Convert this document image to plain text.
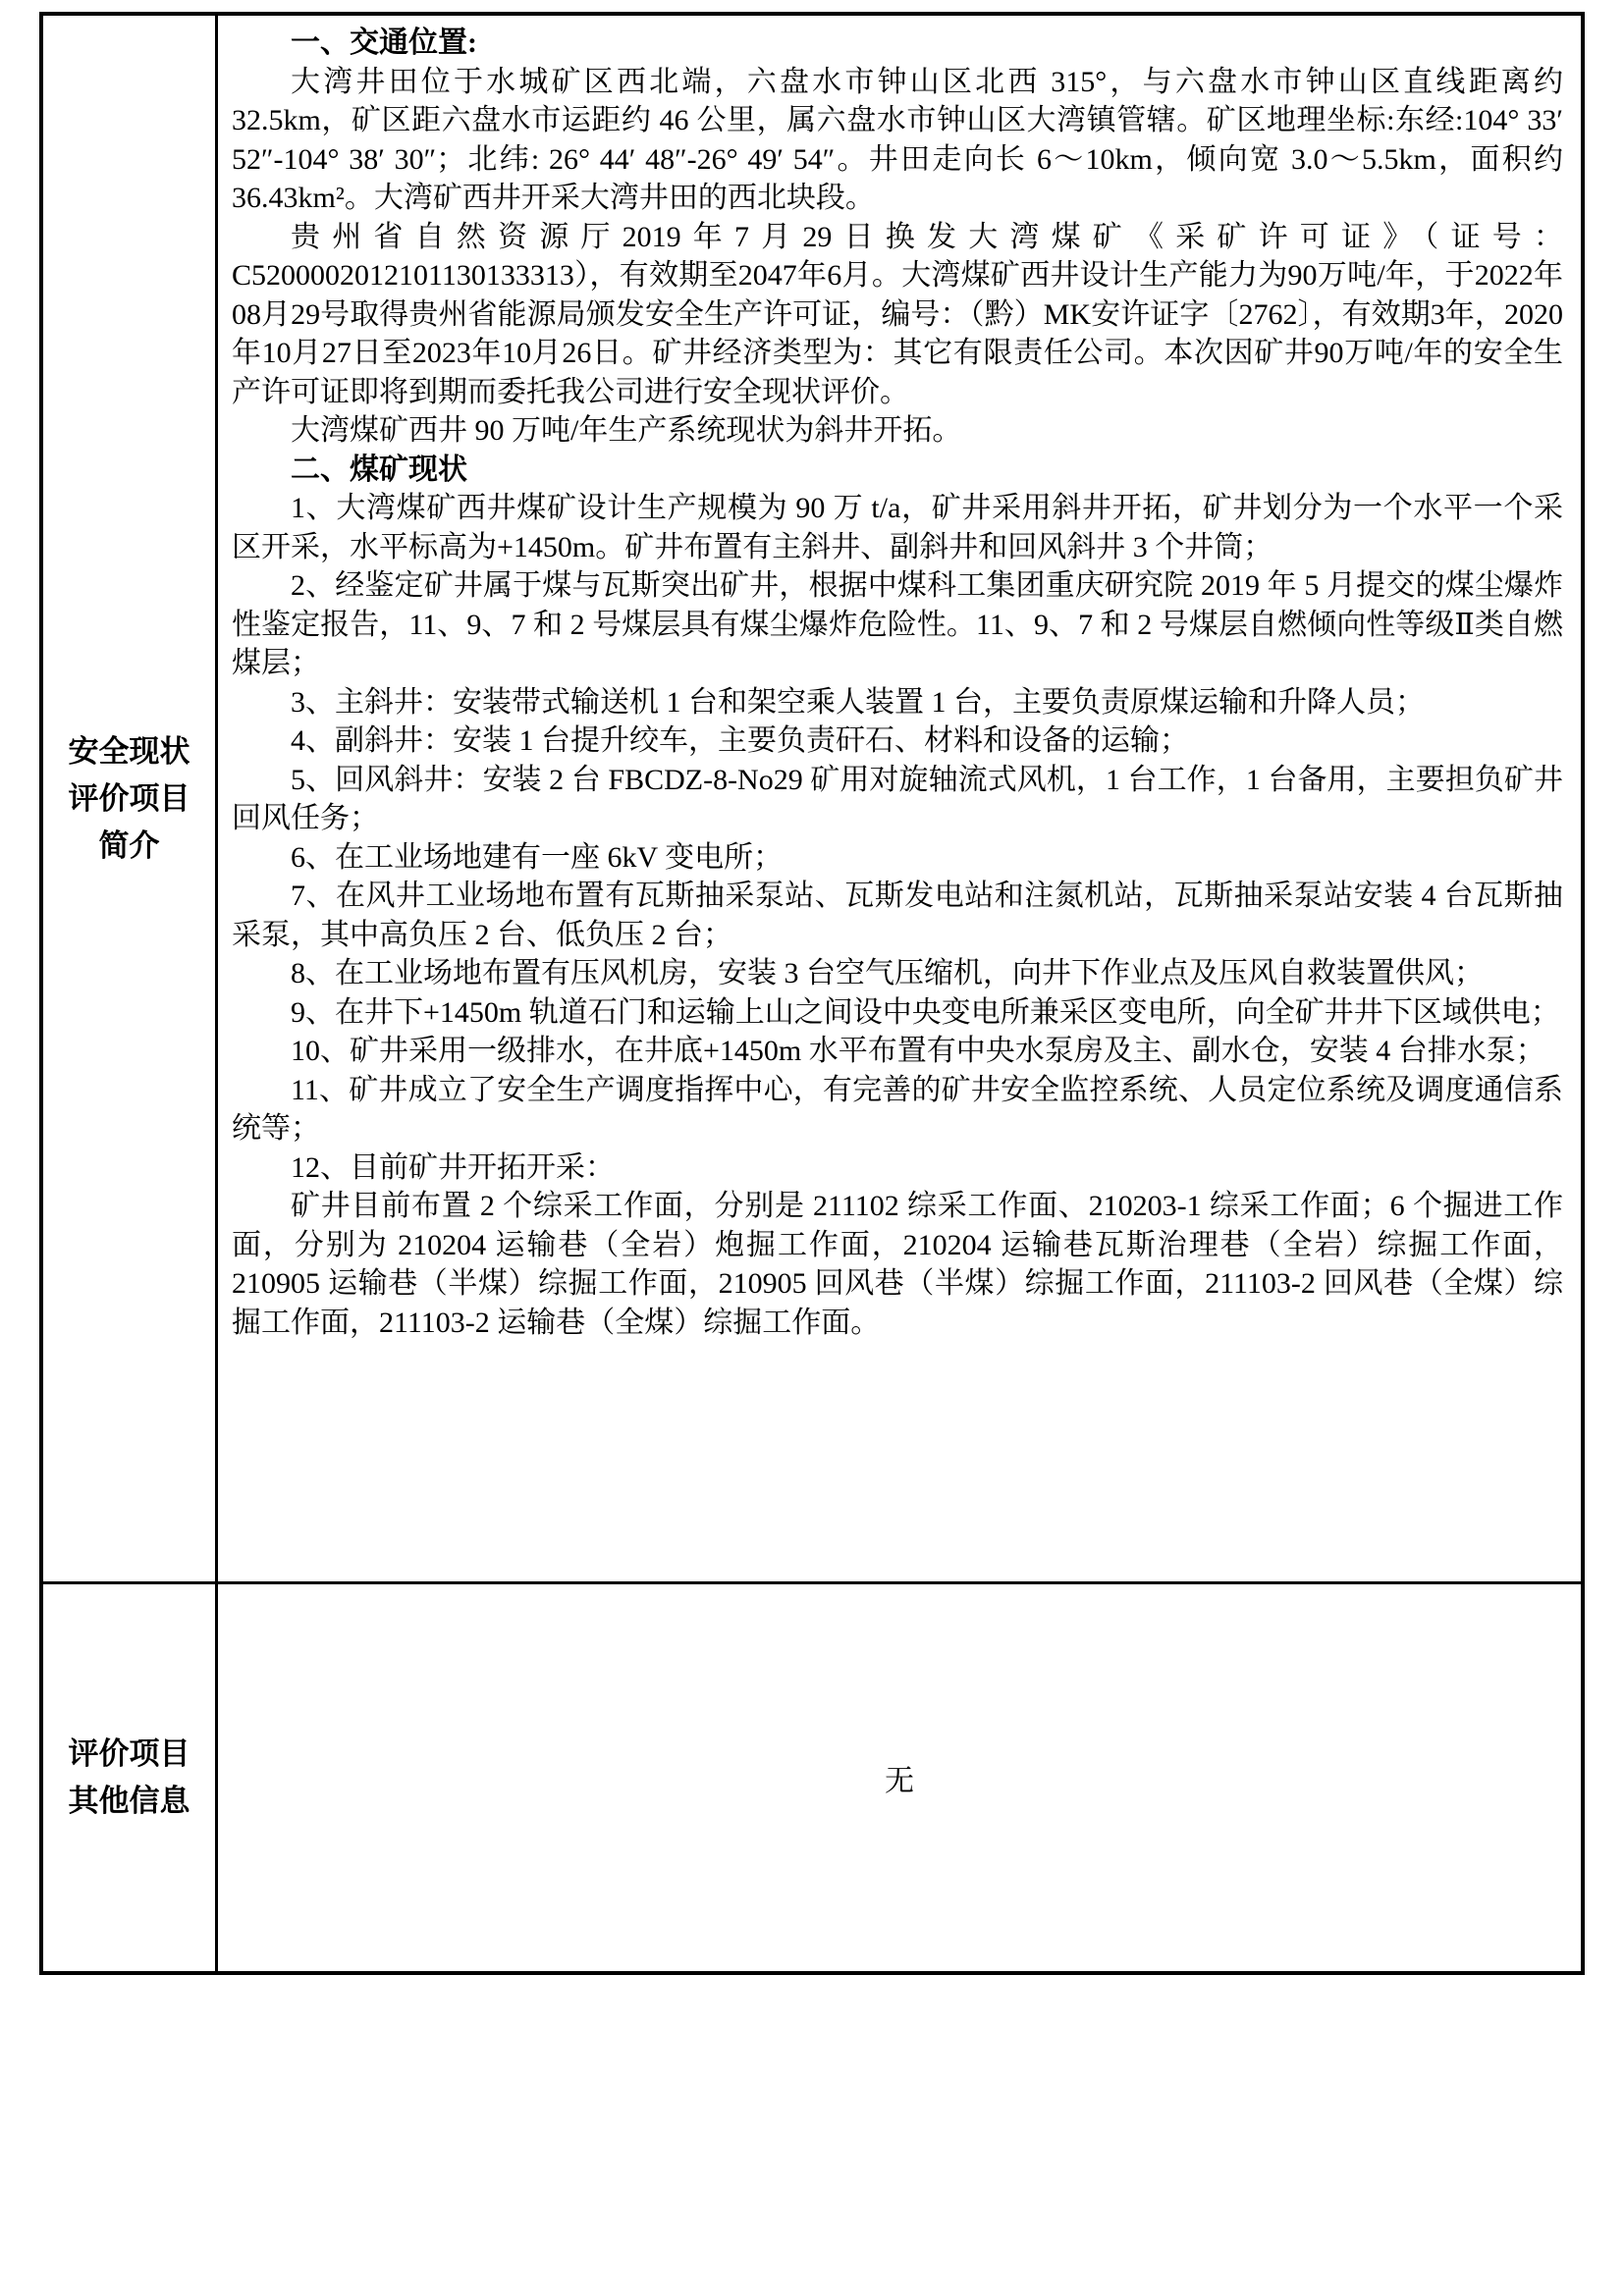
安全现状
评价项目
简介

一、交通位置:

大湾井田位于水城矿区西北端，六盘水市钟山区北西 315°，与六盘水市钟山区直线距离约 32.5km，矿区距六盘水市运距约 46 公里，属六盘水市钟山区大湾镇管辖。矿区地理坐标:东经:104° 33′ 52″-104° 38′ 30″；北纬: 26° 44′ 48″-26° 49′ 54″。井田走向长 6～10km，倾向宽 3.0～5.5km，面积约 36.43km²。大湾矿西井开采大湾井田的西北块段。

贵州省自然资源厅2019年7月29日换发大湾煤矿《采矿许可证》（证号：C5200002012101130133313），有效期至2047年6月。大湾煤矿西井设计生产能力为90万吨/年，于2022年08月29号取得贵州省能源局颁发安全生产许可证，编号：（黔）MK安许证字〔2762〕，有效期3年，2020年10月27日至2023年10月26日。矿井经济类型为：其它有限责任公司。本次因矿井90万吨/年的安全生产许可证即将到期而委托我公司进行安全现状评价。

大湾煤矿西井 90 万吨/年生产系统现状为斜井开拓。

二、煤矿现状

1、大湾煤矿西井煤矿设计生产规模为 90 万 t/a，矿井采用斜井开拓，矿井划分为一个水平一个采区开采，水平标高为+1450m。矿井布置有主斜井、副斜井和回风斜井 3 个井筒；

2、经鉴定矿井属于煤与瓦斯突出矿井，根据中煤科工集团重庆研究院 2019 年 5 月提交的煤尘爆炸性鉴定报告，11、9、7 和 2 号煤层具有煤尘爆炸危险性。11、9、7 和 2 号煤层自燃倾向性等级Ⅱ类自燃煤层；

3、主斜井：安装带式输送机 1 台和架空乘人装置 1 台，主要负责原煤运输和升降人员；

4、副斜井：安装 1 台提升绞车，主要负责矸石、材料和设备的运输；

5、回风斜井：安装 2 台 FBCDZ-8-No29 矿用对旋轴流式风机，1 台工作，1 台备用，主要担负矿井回风任务；

6、在工业场地建有一座 6kV 变电所；

7、在风井工业场地布置有瓦斯抽采泵站、瓦斯发电站和注氮机站，瓦斯抽采泵站安装 4 台瓦斯抽采泵，其中高负压 2 台、低负压 2 台；

8、在工业场地布置有压风机房，安装 3 台空气压缩机，向井下作业点及压风自救装置供风；

9、在井下+1450m 轨道石门和运输上山之间设中央变电所兼采区变电所，向全矿井井下区域供电；

10、矿井采用一级排水，在井底+1450m 水平布置有中央水泵房及主、副水仓，安装 4 台排水泵；

11、矿井成立了安全生产调度指挥中心，有完善的矿井安全监控系统、人员定位系统及调度通信系统等；

12、目前矿井开拓开采：

矿井目前布置 2 个综采工作面，分别是 211102 综采工作面、210203-1 综采工作面；6 个掘进工作面，分别为 210204 运输巷（全岩）炮掘工作面，210204 运输巷瓦斯治理巷（全岩）综掘工作面，210905 运输巷（半煤）综掘工作面，210905 回风巷（半煤）综掘工作面，211103-2 回风巷（全煤）综掘工作面，211103-2 运输巷（全煤）综掘工作面。

评价项目
其他信息
无
